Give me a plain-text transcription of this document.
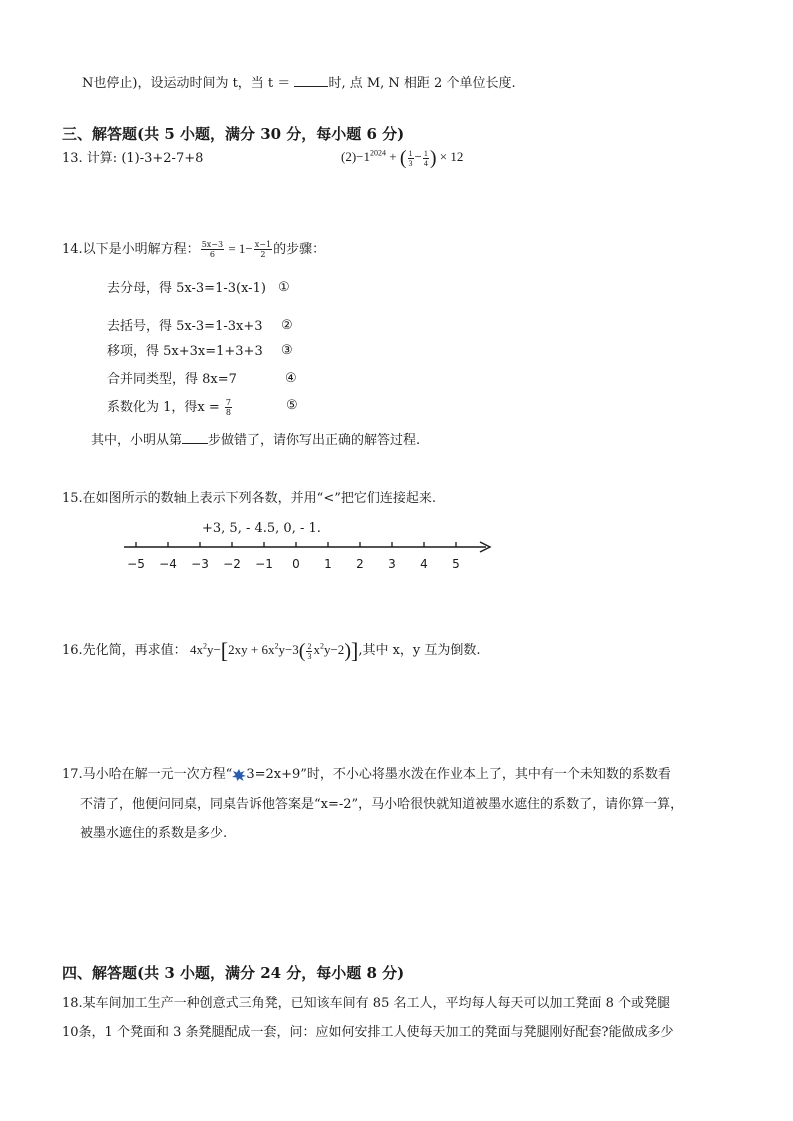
N也停止)，设运动时间为 t，当 t ＝	时, 点 M, N 相距 2 个单位长度.
三、解答题(共 5 小题，满分 30 分，每小题 6 分)
13. 计算: (1)-3+2-7+8	$(2)-1^{2024}$ + ( $\frac{1}{3} - \frac{1}{4}$ ) × 12
14.以下是小明解方程： $\frac{5x-3}{6} = 1- \frac{x-1}{2}$ 的步骤：
去分母，得 5x-3=1-3(x-1) ①
去括号，得 5x-3=1-3x+3 ②
移项，得 5x+3x=1+3+3 ③
合并同类型，得 8x=7	④
系数化为 1，得$x = \frac{7}{8}$	⑤
其中，小明从第 步做错了，请你写出正确的解答过程.
15.在如图所示的数轴上表示下列各数，并用“<”把它们连接起来.
+3, 5, - 4.5, 0, - 1.
−5 −4 −3 −2 −1 0 1 2 3 4 5
16.先化简，再求值： $4x^2y-[2xy + 6x^2y-3( \frac{2}{3} x^2y-2)]$,其中 x，y 互为倒数.
17.马小哈在解一元一次方程“ 3=2x+9”时，不小心将墨水泼在作业本上了，其中有一个未知数的系数看
不清了，他便问同桌，同桌告诉他答案是“x=-2”，马小哈很快就知道被墨水遮住的系数了，请你算一算，
被墨水遮住的系数是多少.
四、解答题(共 3 小题，满分 24 分，每小题 8 分)
18.某车间加工生产一种创意式三角凳，已知该车间有 85 名工人，平均每人每天可以加工凳面 8 个或凳腿
10条，1 个凳面和 3 条凳腿配成一套，问：应如何安排工人使每天加工的凳面与凳腿刚好配套?能做成多少
